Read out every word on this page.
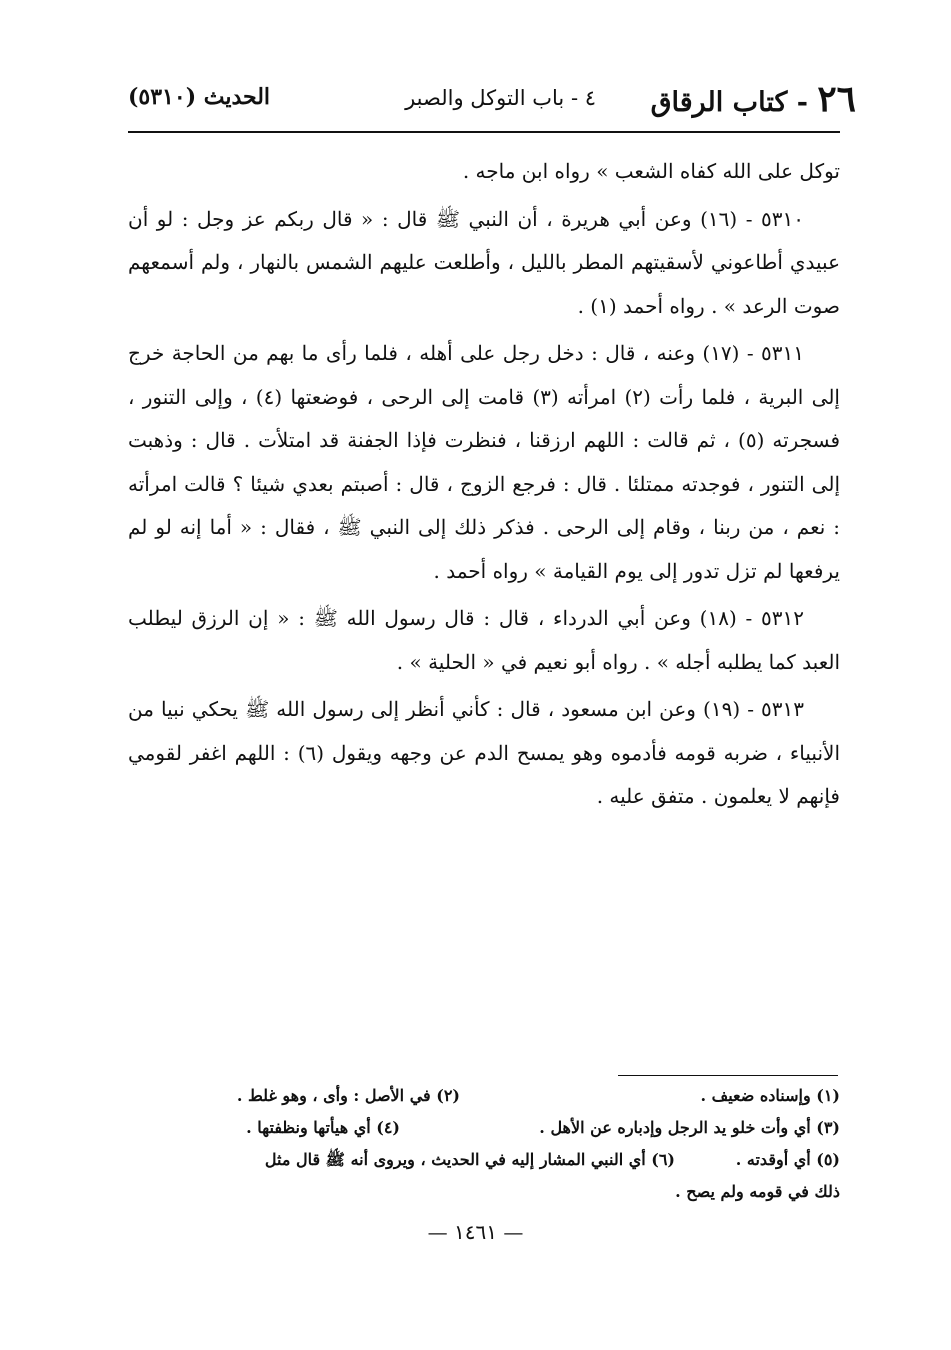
٢٦ - كتاب الرقاق
٤ - باب التوكل والصبر
الحديث (٥٣١٠)

توكل على الله كفاه الشعب » رواه ابن ماجه .

٥٣١٠ - (١٦) وعن أبي هريرة ، أن النبي ﷺ قال : « قال ربكم عز وجل : لو أن عبيدي أطاعوني لأسقيتهم المطر بالليل ، وأطلعت عليهم الشمس بالنهار ، ولم أسمعهم صوت الرعد » . رواه أحمد (١) .

٥٣١١ - (١٧) وعنه ، قال : دخل رجل على أهله ، فلما رأى ما بهم من الحاجة خرج إلى البرية ، فلما رأت (٢) امرأته (٣) قامت إلى الرحى ، فوضعتها (٤) ، وإلى التنور ، فسجرته (٥) ، ثم قالت : اللهم ارزقنا ، فنظرت فإذا الجفنة قد امتلأت . قال : وذهبت إلى التنور ، فوجدته ممتلئا . قال : فرجع الزوج ، قال : أصبتم بعدي شيئا ؟ قالت امرأته : نعم ، من ربنا ، وقام إلى الرحى . فذكر ذلك إلى النبي ﷺ ، فقال : « أما إنه لو لم يرفعها لم تزل تدور إلى يوم القيامة » رواه أحمد .

٥٣١٢ - (١٨) وعن أبي الدرداء ، قال : قال رسول الله ﷺ : « إن الرزق ليطلب العبد كما يطلبه أجله » . رواه أبو نعيم في « الحلية » .

٥٣١٣ - (١٩) وعن ابن مسعود ، قال : كأني أنظر إلى رسول الله ﷺ يحكي نبيا من الأنبياء ، ضربه قومه فأدموه وهو يمسح الدم عن وجهه ويقول (٦) : اللهم اغفر لقومي فإنهم لا يعلمون . متفق عليه .

(١) وإسناده ضعيف .
(٢) في الأصل : وأى ، وهو غلط .
(٣) أي وأت خلو يد الرجل وإدباره عن الأهل .
(٤) أي هيأتها ونظفتها .
(٥) أي أوقدته .
(٦) أي النبي المشار إليه في الحديث ، ويروى أنه ﷺ قال مثل
ذلك في قومه ولم يصح .
— ١٤٦١ —
